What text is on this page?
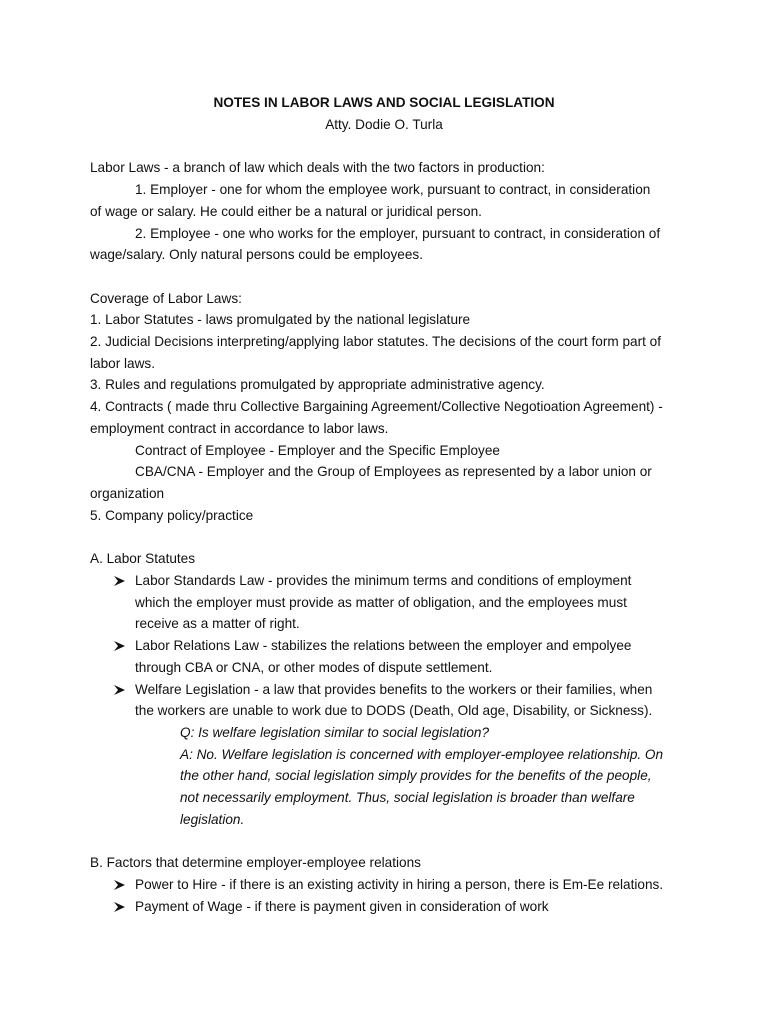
NOTES IN LABOR LAWS AND SOCIAL LEGISLATION
Atty. Dodie O. Turla
Labor Laws - a branch of law which deals with the two factors in production:
1. Employer - one for whom the employee work, pursuant to contract, in consideration
of wage or salary. He could either be a natural or juridical person.
2. Employee - one who works for the employer, pursuant to contract, in consideration of
wage/salary. Only natural persons could be employees.
Coverage of Labor Laws:
1. Labor Statutes - laws promulgated by the national legislature
2. Judicial Decisions interpreting/applying labor statutes. The decisions of the court form part of
labor laws.
3. Rules and regulations promulgated by appropriate administrative agency.
4. Contracts ( made thru Collective Bargaining Agreement/Collective Negotioation Agreement) -
employment contract in accordance to labor laws.
Contract of Employee - Employer and the Specific Employee
CBA/CNA - Employer and the Group of Employees as represented by a labor union or
organization
5. Company policy/practice
A. Labor Statutes
Labor Standards Law - provides the minimum terms and conditions of employment
which the employer must provide as matter of obligation, and the employees must
receive as a matter of right.
Labor Relations Law - stabilizes the relations between the employer and empolyee
through CBA or CNA, or other modes of dispute settlement.
Welfare Legislation - a law that provides benefits to the workers or their families, when
the workers are unable to work due to DODS (Death, Old age, Disability, or Sickness).
Q: Is welfare legislation similar to social legislation?
A: No. Welfare legislation is concerned with employer-employee relationship. On
the other hand, social legislation simply provides for the benefits of the people,
not necessarily employment. Thus, social legislation is broader than welfare
legislation.
B. Factors that determine employer-employee relations
Power to Hire - if there is an existing activity in hiring a person, there is Em-Ee relations.
Payment of Wage - if there is payment given in consideration of work
